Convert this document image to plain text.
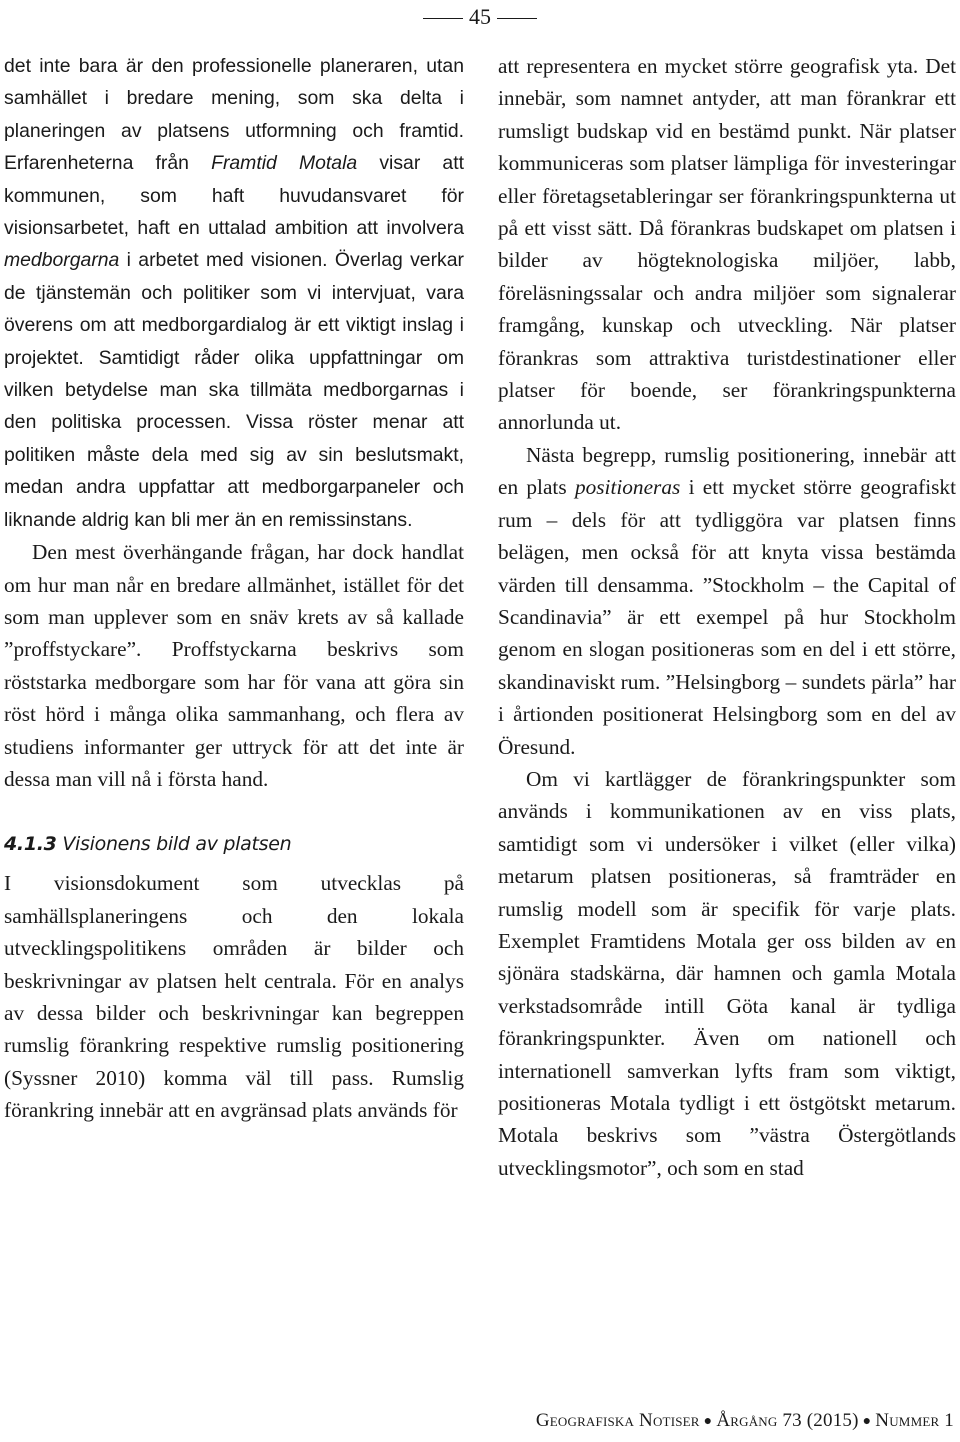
45

det inte bara är den professionelle planeraren, utan samhället i bredare mening, som ska delta i planeringen av platsens utformning och framtid. Erfarenheterna från Framtid Motala visar att kommunen, som haft huvudansvaret för visionsarbetet, haft en uttalad ambition att involvera medborgarna i arbetet med visionen. Överlag verkar de tjänstemän och politiker som vi intervjuat, vara överens om att medborgardialog är ett viktigt inslag i projektet. Samtidigt råder olika uppfattningar om vilken betydelse man ska tillmäta medborgarnas i den politiska processen. Vissa röster menar att politiken måste dela med sig av sin beslutsmakt, medan andra uppfattar att medborgarpaneler och liknande aldrig kan bli mer än en remissinstans.

Den mest överhängande frågan, har dock handlat om hur man når en bredare allmänhet, istället för det som man upplever som en snäv krets av så kallade ”proffstyckare”. Proffstyckarna beskrivs som röststarka medborgare som har för vana att göra sin röst hörd i många olika sammanhang, och flera av studiens informanter ger uttryck för att det inte är dessa man vill nå i första hand.

4.1.3 Visionens bild av platsen

I visionsdokument som utvecklas på samhällsplaneringens och den lokala utvecklingspolitikens områden är bilder och beskrivningar av platsen helt centrala. För en analys av dessa bilder och beskrivningar kan begreppen rumslig förankring respektive rumslig positionering (Syssner 2010) komma väl till pass. Rumslig förankring innebär att en avgränsad plats används för

att representera en mycket större geografisk yta. Det innebär, som namnet antyder, att man förankrar ett rumsligt budskap vid en bestämd punkt. När platser kommuniceras som platser lämpliga för investeringar eller företagsetableringar ser förankringspunkterna ut på ett visst sätt. Då förankras budskapet om platsen i bilder av högteknologiska miljöer, labb, föreläsningssalar och andra miljöer som signalerar framgång, kunskap och utveckling. När platser förankras som attraktiva turistdestinationer eller platser för boende, ser förankringspunkterna annorlunda ut.

Nästa begrepp, rumslig positionering, innebär att en plats positioneras i ett mycket större geografiskt rum – dels för att tydliggöra var platsen finns belägen, men också för att knyta vissa bestämda värden till densamma. ”Stockholm – the Capital of Scandinavia” är ett exempel på hur Stockholm genom en slogan positioneras som en del i ett större, skandinaviskt rum. ”Helsingborg – sundets pärla” har i årtionden positionerat Helsingborg som en del av Öresund.

Om vi kartlägger de förankringspunkter som används i kommunikationen av en viss plats, samtidigt som vi undersöker i vilket (eller vilka) metarum platsen positioneras, så framträder en rumslig modell som är specifik för varje plats. Exemplet Framtidens Motala ger oss bilden av en sjönära stadskärna, där hamnen och gamla Motala verkstadsområde intill Göta kanal är tydliga förankringspunkter. Även om nationell och internationell samverkan lyfts fram som viktigt, positioneras Motala tydligt i ett östgötskt metarum. Motala beskrivs som ”västra Östergötlands utvecklingsmotor”, och som en stad

Geografiska Notiser ● Årgång 73 (2015) ● Nummer 1
